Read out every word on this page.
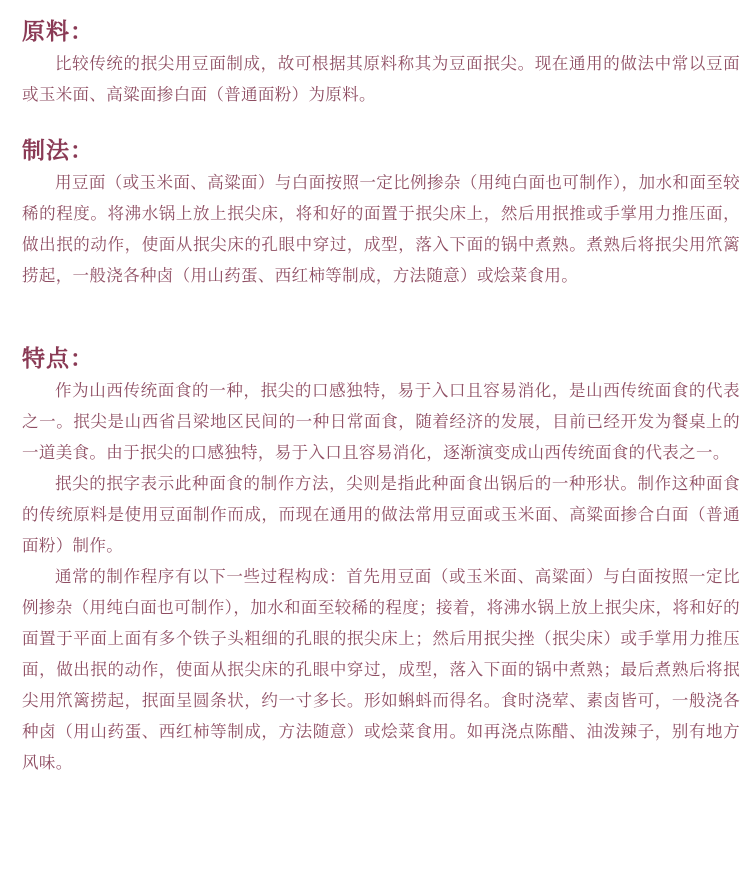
原料：

比较传统的抿尖用豆面制成，故可根据其原料称其为豆面抿尖。现在通用的做法中常以豆面或玉米面、高粱面掺白面（普通面粉）为原料。

制法：

用豆面（或玉米面、高粱面）与白面按照一定比例掺杂（用纯白面也可制作），加水和面至较稀的程度。将沸水锅上放上抿尖床，将和好的面置于抿尖床上，然后用抿推或手掌用力推压面，做出抿的动作，使面从抿尖床的孔眼中穿过，成型，落入下面的锅中煮熟。煮熟后将抿尖用笊篱捞起，一般浇各种卤（用山药蛋、西红柿等制成，方法随意）或烩菜食用。

特点：

作为山西传统面食的一种，抿尖的口感独特，易于入口且容易消化，是山西传统面食的代表之一。抿尖是山西省吕梁地区民间的一种日常面食，随着经济的发展，目前已经开发为餐桌上的一道美食。由于抿尖的口感独特，易于入口且容易消化，逐渐演变成山西传统面食的代表之一。

抿尖的抿字表示此种面食的制作方法，尖则是指此种面食出锅后的一种形状。制作这种面食的传统原料是使用豆面制作而成，而现在通用的做法常用豆面或玉米面、高粱面掺合白面（普通面粉）制作。

通常的制作程序有以下一些过程构成：首先用豆面（或玉米面、高粱面）与白面按照一定比例掺杂（用纯白面也可制作），加水和面至较稀的程度；接着，将沸水锅上放上抿尖床，将和好的面置于平面上面有多个铁子头粗细的孔眼的抿尖床上；然后用抿尖挫（抿尖床）或手掌用力推压面，做出抿的动作，使面从抿尖床的孔眼中穿过，成型，落入下面的锅中煮熟；最后煮熟后将抿尖用笊篱捞起，抿面呈圆条状，约一寸多长。形如蝌蚪而得名。食时浇荤、素卤皆可，一般浇各种卤（用山药蛋、西红柿等制成，方法随意）或烩菜食用。如再浇点陈醋、油泼辣子，别有地方风味。
